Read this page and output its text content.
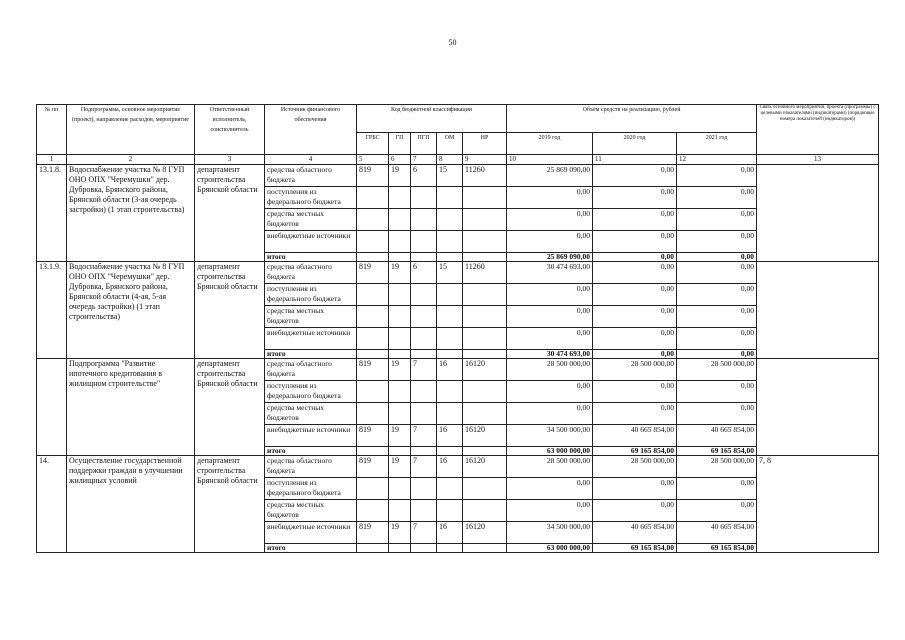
50
№ пп	Подпрограмма, основное мероприятие (проект), направление расходов, мероприятие	Ответственный исполнитель, соисполнитель	Источник финансового обеспечения	Код бюджетной классификации					Объём средств на реализацию, рублей			Связь основного мероприятия, проекта (программы) с целевыми показателями (индикаторами) (порядковые номера показателей (индикаторов))
				ГРБС	ГП	ПГП	ОМ	НР	2019 год	2020 год	2021 год	
1	2	3	4	5	6	7	8	9	10	11	12	13
13.1.8.	Водоснабжение участка № 8 ГУП ОНО ОПХ "Черемушки" дер. Дубровка, Брянского района, Брянской области (3-ая очередь застройки) (1 этап строительства)	департамент строительства Брянской области	средства областного бюджета	819	19	6	15	11260	25 869 090,00	0,00	0,00	
			поступления из федерального бюджета						0,00	0,00	0,00	
			средства местных бюджетов						0,00	0,00	0,00	
			внебюджетные источники						0,00	0,00	0,00	
			итого						25 869 090,00	0,00	0,00	
13.1.9.	Водоснабжение участка № 8 ГУП ОНО ОПХ "Черемушки" дер. Дубровка, Брянского района, Брянской области (4-ая, 5-ая очередь застройки) (1 этап строительства)	департамент строительства Брянской области	средства областного бюджета	819	19	6	15	11260	30 474 693,00	0,00	0,00	
			поступления из федерального бюджета						0,00	0,00	0,00	
			средства местных бюджетов						0,00	0,00	0,00	
			внебюджетные источники						0,00	0,00	0,00	
			итого						30 474 693,00	0,00	0,00	
	Подпрограмма "Развитие ипотечного кредитования в жилищном строительстве"	департамент строительства Брянской области	средства областного бюджета	819	19	7	16	16120	28 500 000,00	28 500 000,00	28 500 000,00	
			поступления из федерального бюджета						0,00	0,00	0,00	
			средства местных бюджетов						0,00	0,00	0,00	
			внебюджетные источники	819	19	7	16	16120	34 500 000,00	40 665 854,00	40 665 854,00	
			итого						63 000 000,00	69 165 854,00	69 165 854,00	
14.	Осуществление государственной поддержки граждан в улучшении жилищных условий	департамент строительства Брянской области	средства областного бюджета	819	19	7	16	16120	28 500 000,00	28 500 000,00	28 500 000,00	7, 8
			поступления из федерального бюджета						0,00	0,00	0,00	
			средства местных бюджетов						0,00	0,00	0,00	
			внебюджетные источники	819	19	7	16	16120	34 500 000,00	40 665 854,00	40 665 854,00	
			итого						63 000 000,00	69 165 854,00	69 165 854,00	
